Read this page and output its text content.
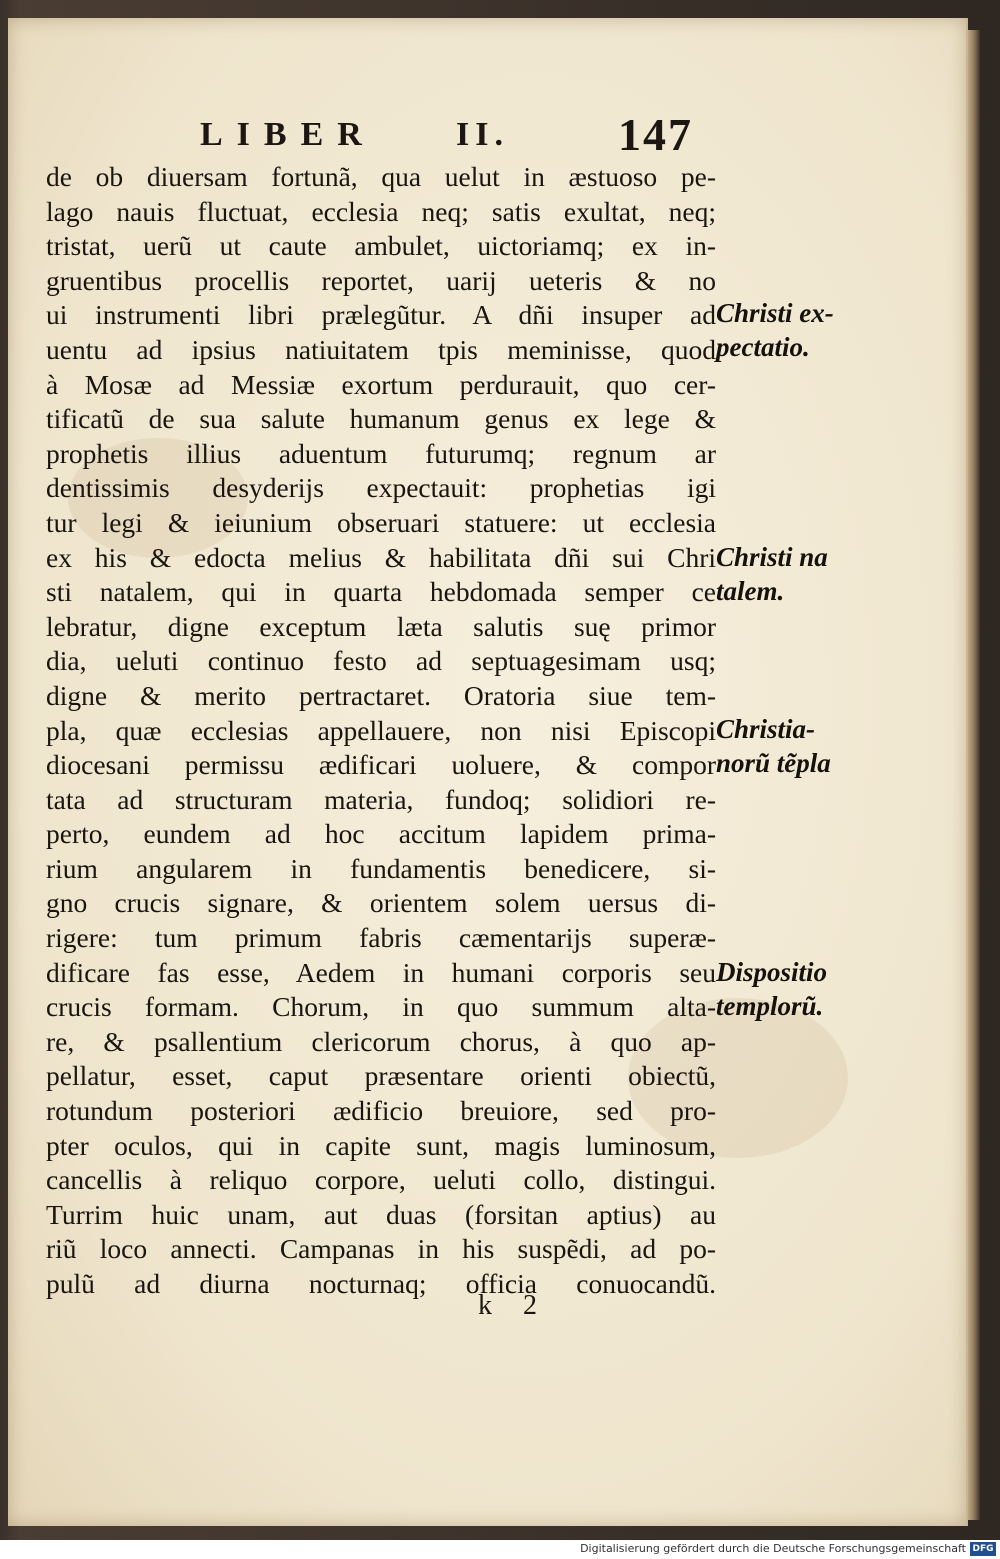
LIBER II. 147
de ob diuersam fortunã, qua uelut in æstuoso pe-
lago nauis fluctuat, ecclesia neq; satis exultat, neq;
tristat, uerũ ut caute ambulet, uictoriamq; ex in-
gruentibus procellis reportet, uarij ueteris & no
ui instrumenti libri prælegũtur. A dñi insuper ad
uentu ad ipsius natiuitatem tpis meminisse, quod
à Mosæ ad Messiæ exortum perdurauit, quo cer-
tificatũ de sua salute humanum genus ex lege &
prophetis illius aduentum futurumq; regnum ar
dentissimis desyderijs expectauit: prophetias igi
tur legi & ieiunium obseruari statuere: ut ecclesia
ex his & edocta melius & habilitata dñi sui Chri
sti natalem, qui in quarta hebdomada semper ce
lebratur, digne exceptum læta salutis suę primor
dia, ueluti continuo festo ad septuagesimam usq;
digne & merito pertractaret. Oratoria siue tem-
pla, quæ ecclesias appellauere, non nisi Episcopi
diocesani permissu ædificari uoluere, & compor
tata ad structuram materia, fundoq; solidiori re-
perto, eundem ad hoc accitum lapidem prima-
rium angularem in fundamentis benedicere, si-
gno crucis signare, & orientem solem uersus di-
rigere: tum primum fabris cæmentarijs superæ-
dificare fas esse, Aedem in humani corporis seu
crucis formam. Chorum, in quo summum alta-
re, & psallentium clericorum chorus, à quo ap-
pellatur, esset, caput præsentare orienti obiectũ,
rotundum posteriori ædificio breuiore, sed pro-
pter oculos, qui in capite sunt, magis luminosum,
cancellis à reliquo corpore, ueluti collo, distingui.
Turrim huic unam, aut duas (forsitan aptius) au
riũ loco annecti. Campanas in his suspẽdi, ad po-
pulũ ad diurna nocturnaq; officia conuocandũ.
Christi ex-
pectatio.
Christi na
talem.
Christia-
norũ tẽpla
Dispositio
templorũ.
k 2
Digitalisierung gefördert durch die Deutsche Forschungsgemeinschaft DFG
